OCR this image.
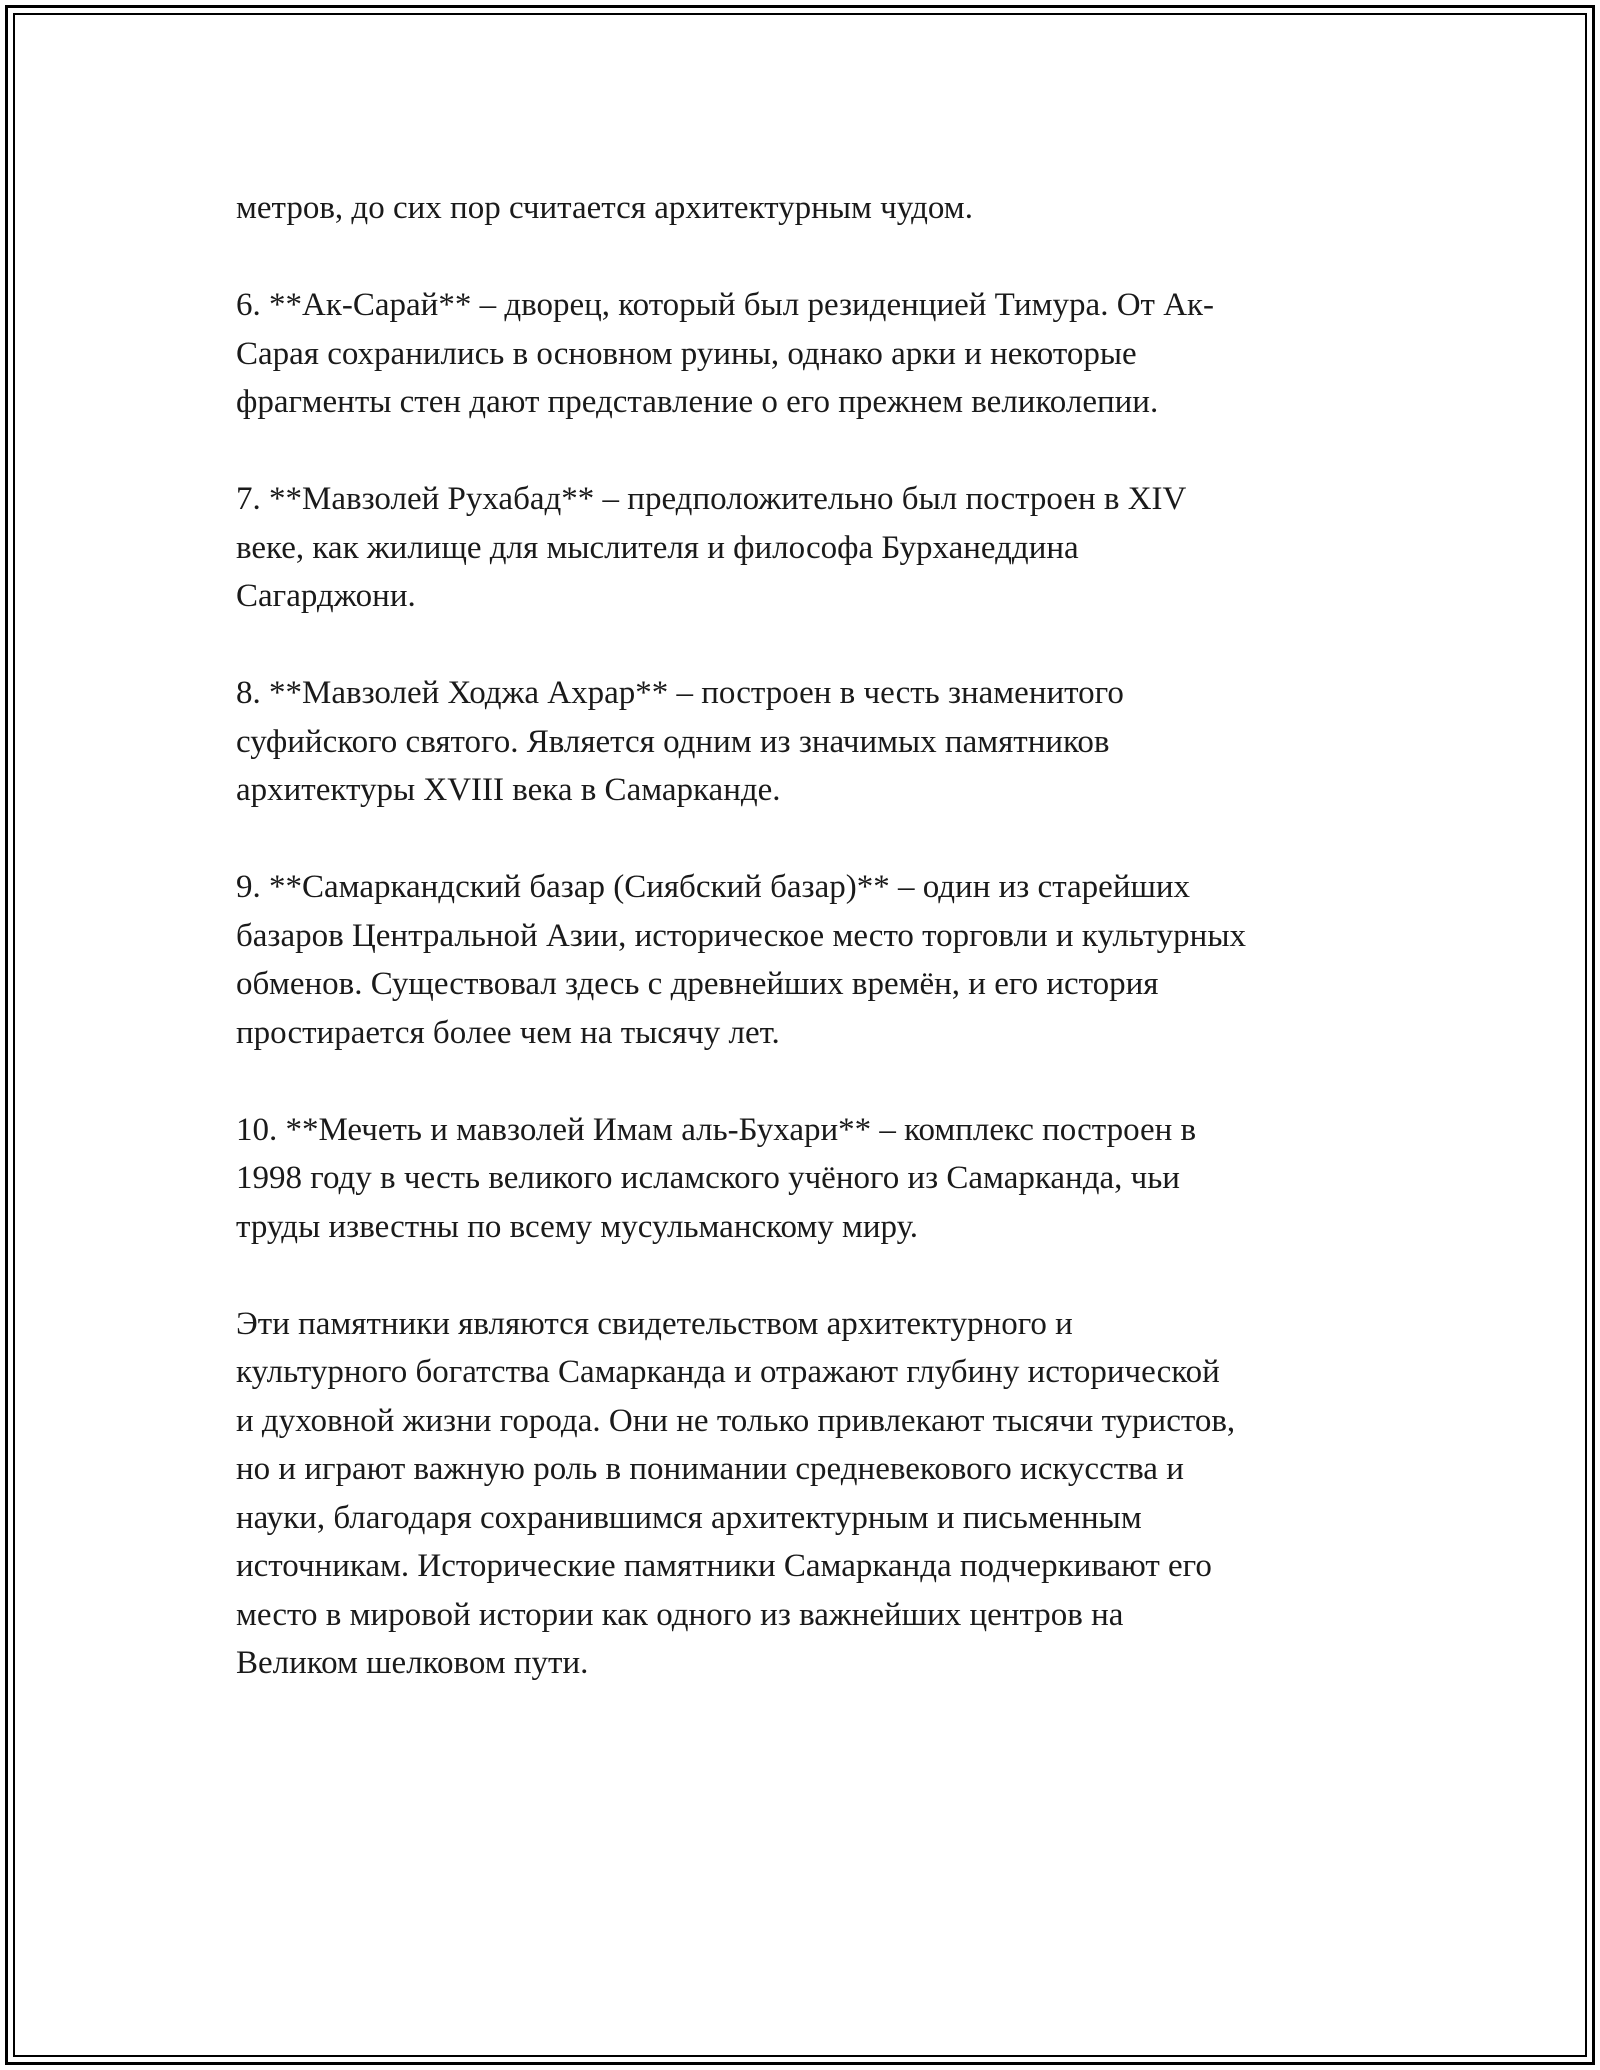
метров, до сих пор считается архитектурным чудом.

6. **Ак-Сарай** – дворец, который был резиденцией Тимура. От Ак-
Сарая сохранились в основном руины, однако арки и некоторые
фрагменты стен дают представление о его прежнем великолепии.

7. **Мавзолей Рухабад** – предположительно был построен в XIV
веке, как жилище для мыслителя и философа Бурханеддина
Сагарджони.

8. **Мавзолей Ходжа Ахрар** – построен в честь знаменитого
суфийского святого. Является одним из значимых памятников
архитектуры XVIII века в Самарканде.

9. **Самаркандский базар (Сиябский базар)** – один из старейших
базаров Центральной Азии, историческое место торговли и культурных
обменов. Существовал здесь с древнейших времён, и его история
простирается более чем на тысячу лет.

10. **Мечеть и мавзолей Имам аль-Бухари** – комплекс построен в
1998 году в честь великого исламского учёного из Самарканда, чьи
труды известны по всему мусульманскому миру.

Эти памятники являются свидетельством архитектурного и
культурного богатства Самарканда и отражают глубину исторической
и духовной жизни города. Они не только привлекают тысячи туристов,
но и играют важную роль в понимании средневекового искусства и
науки, благодаря сохранившимся архитектурным и письменным
источникам. Исторические памятники Самарканда подчеркивают его
место в мировой истории как одного из важнейших центров на
Великом шелковом пути.
